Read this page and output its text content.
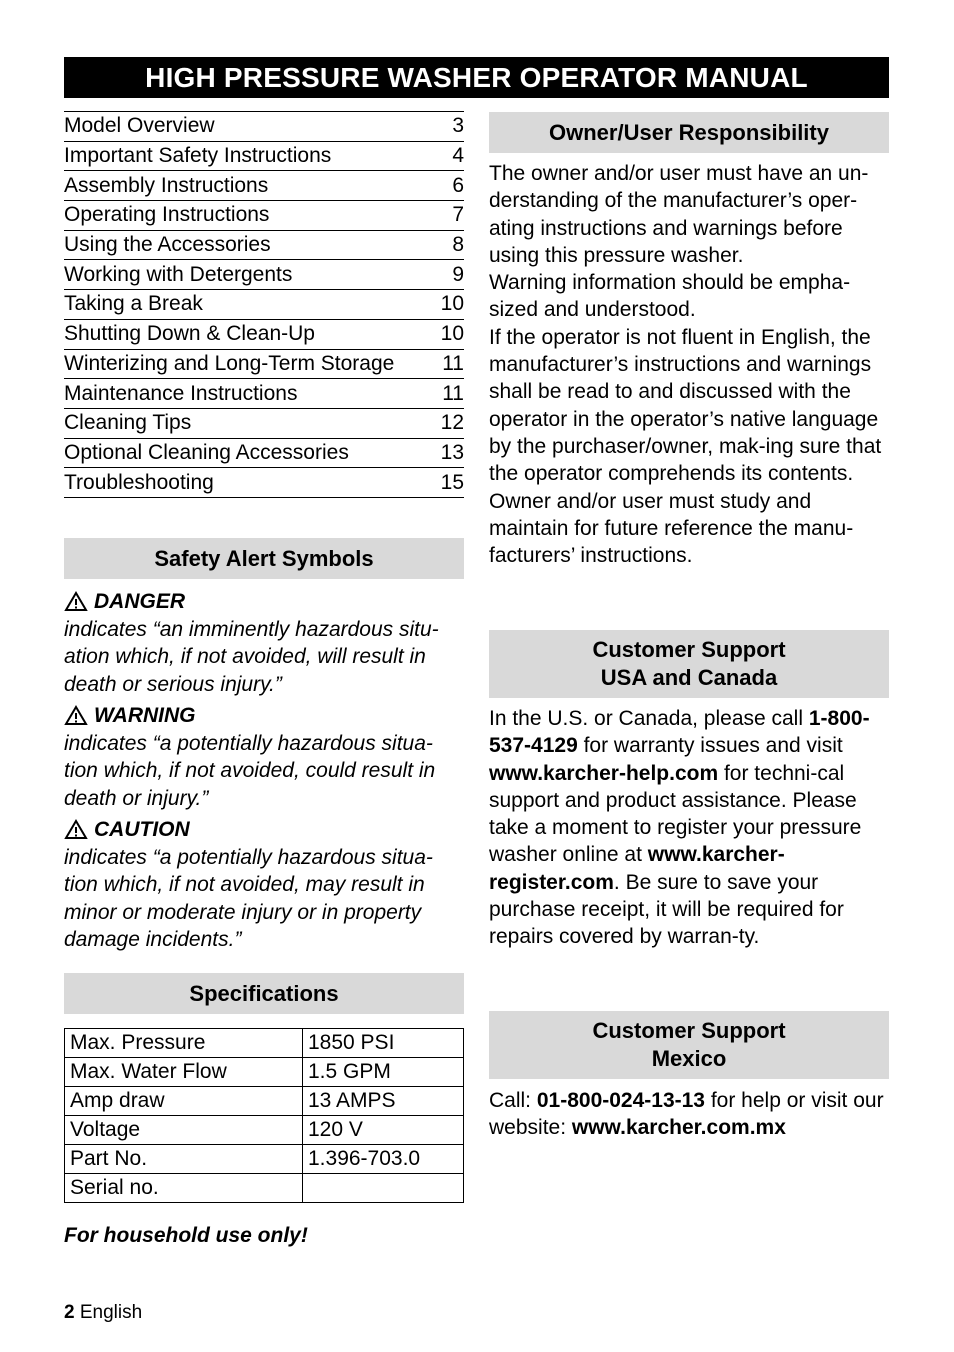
HIGH PRESSURE WASHER OPERATOR MANUAL
Model Overview	3
Important Safety Instructions	4
Assembly Instructions	6
Operating Instructions	7
Using the Accessories	8
Working with Detergents	9
Taking a Break	10
Shutting Down & Clean-Up	10
Winterizing and Long-Term Storage 11
Maintenance Instructions	11
Cleaning Tips	12
Optional Cleaning Accessories	13
Troubleshooting	15
Safety Alert Symbols
DANGER
indicates “an imminently hazardous situ-ation which, if not avoided, will result in death or serious injury.”
WARNING
indicates “a potentially hazardous situa-tion which, if not avoided, could result in death or injury.”
CAUTION
indicates “a potentially hazardous situa-tion which, if not avoided, may result in minor or moderate injury or in property damage incidents.”
Specifications
Max. Pressure	1850 PSI
Max. Water Flow	1.5 GPM
Amp draw	13 AMPS
Voltage	120 V
Part No.	1.396-703.0
Serial no.	
For household use only!
2 English
Owner/User Responsibility
The owner and/or user must have an un-derstanding of the manufacturer’s oper-ating instructions and warnings before using this pressure washer.
Warning information should be empha-sized and understood.
If the operator is not fluent in English, the manufacturer’s instructions and warnings shall be read to and discussed with the operator in the operator’s native language by the purchaser/owner, mak-ing sure that the operator comprehends its contents.
Owner and/or user must study and maintain for future reference the manu-facturers’ instructions.
Customer Support
USA and Canada
In the U.S. or Canada, please call 1-800-537-4129 for warranty issues and visit www.karcher-help.com for techni-cal support and product assistance. Please take a moment to register your pressure washer online at www.karcher-register.com. Be sure to save your purchase receipt, it will be required for repairs covered by warran-ty.
Customer Support
Mexico
Call: 01-800-024-13-13 for help or visit our website: www.karcher.com.mx
